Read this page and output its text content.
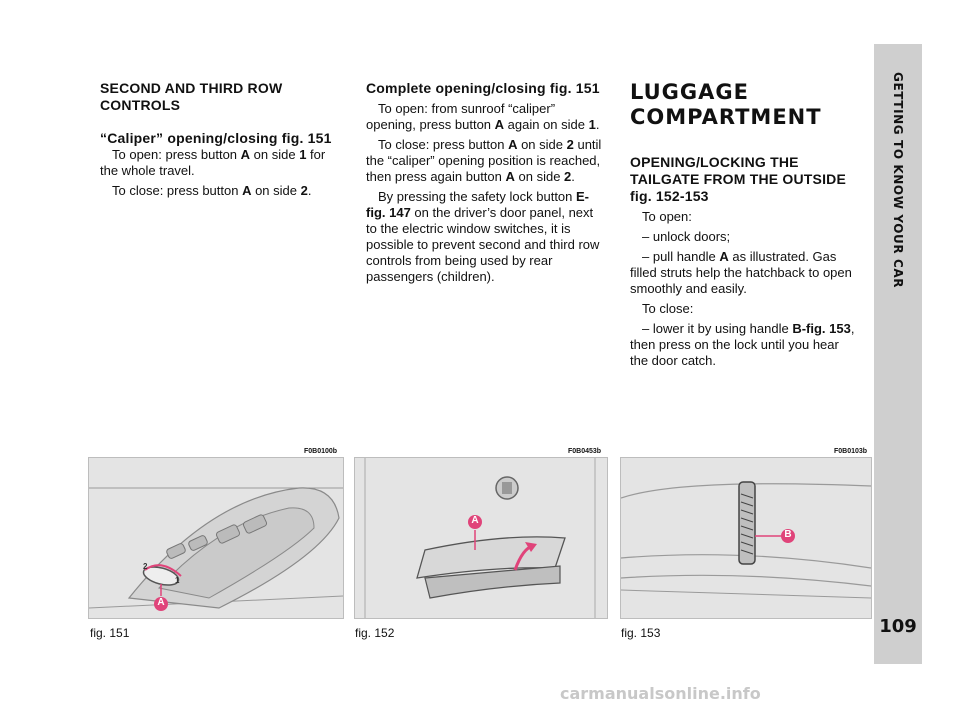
GETTING TO KNOW YOUR CAR
109
SECOND AND THIRD ROW CONTROLS
“Caliper” opening/closing fig. 151

To open: press button A on side 1 for the whole travel.

To close: press button A on side 2.

Complete opening/closing fig. 151

To open: from sunroof “caliper” opening, press button A again on side 1.

To close: press button A on side 2 until the “caliper” opening position is reached, then press again button A on side 2.

By pressing the safety lock button E-fig. 147 on the driver’s door panel, next to the electric window switches, it is possible to prevent second and third row controls from being used by rear passengers (children).

LUGGAGE COMPARTMENT
OPENING/LOCKING THE TAILGATE FROM THE OUTSIDE fig. 152-153

To open:

– unlock doors;

– pull handle A as illustrated. Gas filled struts help the hatchback to open smoothly and easily.

To close:

– lower it by using handle B-fig. 153, then press on the lock until you hear the door catch.

F0B0100b	F0B0453b	F0B0103b
A
1
2
A
B
fig. 151	fig. 152	fig. 153
carmanualsonline.info
